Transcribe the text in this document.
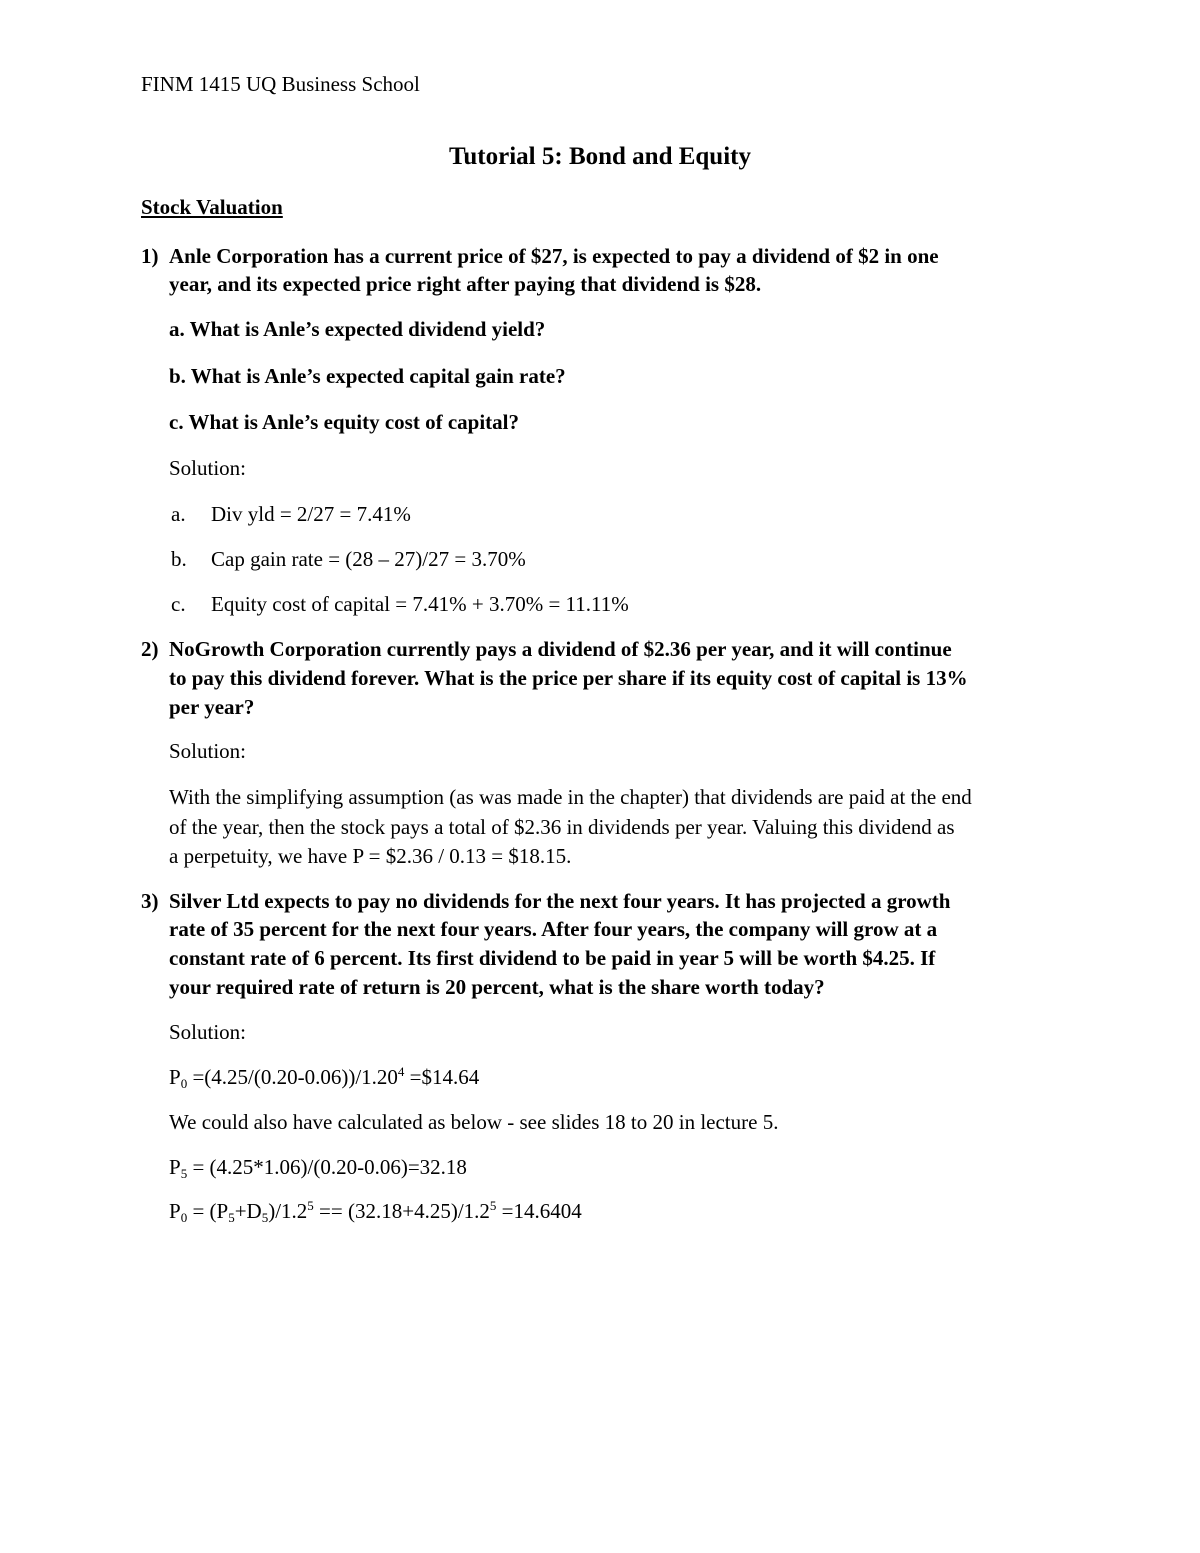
FINM 1415 UQ Business School
Tutorial 5: Bond and Equity
Stock Valuation
1) Anle Corporation has a current price of $27, is expected to pay a dividend of $2 in one
year, and its expected price right after paying that dividend is $28.
a. What is Anle’s expected dividend yield?
b. What is Anle’s expected capital gain rate?
c. What is Anle’s equity cost of capital?
Solution:
a. Div yld = 2/27 = 7.41%
b. Cap gain rate = (28 – 27)/27 = 3.70%
c. Equity cost of capital = 7.41% + 3.70% = 11.11%
2) NoGrowth Corporation currently pays a dividend of $2.36 per year, and it will continue
to pay this dividend forever. What is the price per share if its equity cost of capital is 13%
per year?
Solution:
With the simplifying assumption (as was made in the chapter) that dividends are paid at the end
of the year, then the stock pays a total of $2.36 in dividends per year. Valuing this dividend as
a perpetuity, we have P = $2.36 / 0.13 = $18.15.
3) Silver Ltd expects to pay no dividends for the next four years. It has projected a growth
rate of 35 percent for the next four years. After four years, the company will grow at a
constant rate of 6 percent. Its first dividend to be paid in year 5 will be worth $4.25. If
your required rate of return is 20 percent, what is the share worth today?
Solution:
$P_0 =(4.25/(0.20-0.06))/1.20^4$ =$14.64
We could also have calculated as below - see slides 18 to 20 in lecture 5.
$P_5 = (4.25*1.06)/(0.20-0.06)=32.18$
$P_0 = (P_5+D_5)/1.2^5 == (32.18+4.25)/1.2^5 =14.6404$
